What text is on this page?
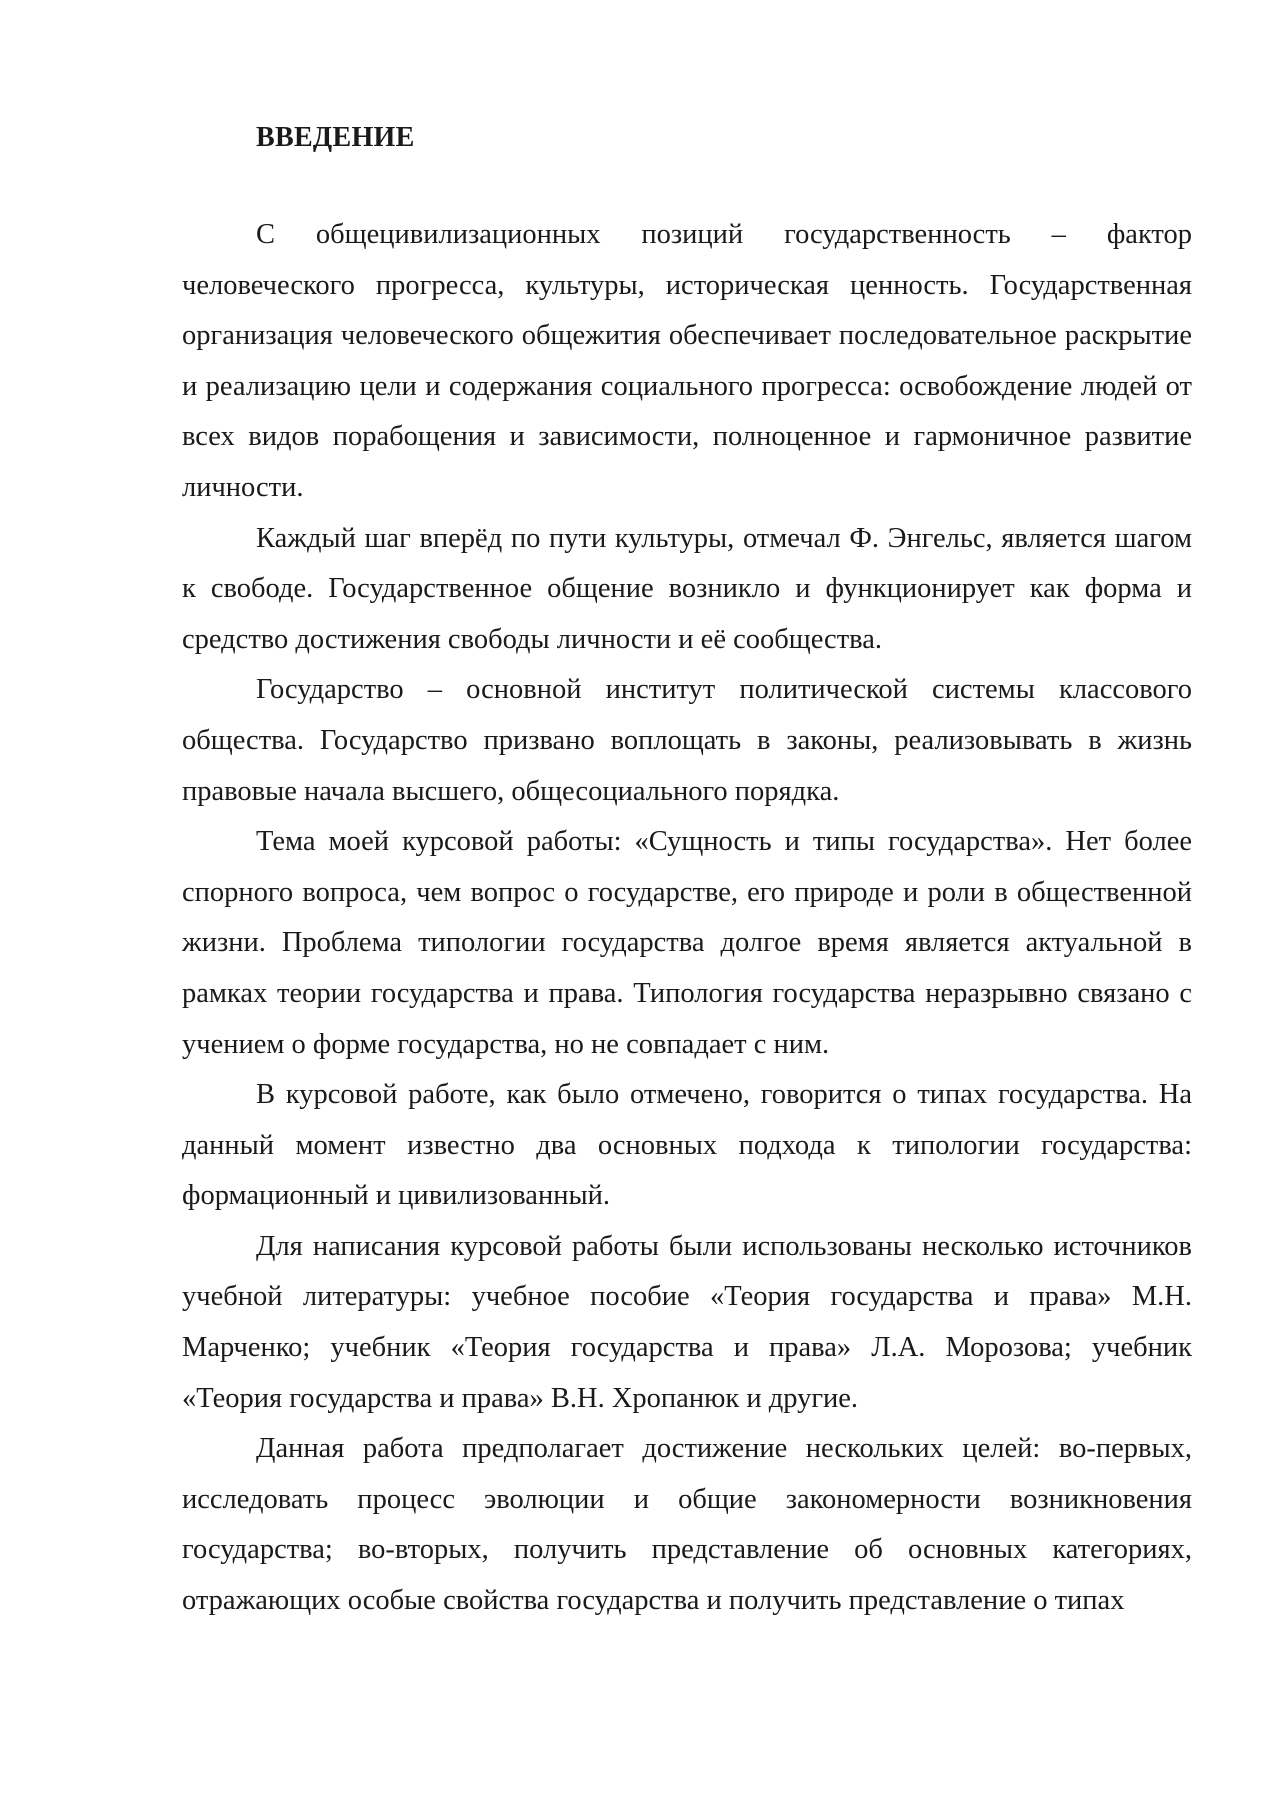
ВВЕДЕНИЕ

С общецивилизационных позиций государственность – фактор человеческого прогресса, культуры, историческая ценность. Государственная организация человеческого общежития обеспечивает последовательное раскрытие и реализацию цели и содержания социального прогресса: освобождение людей от всех видов порабощения и зависимости, полноценное и гармоничное развитие личности.

Каждый шаг вперёд по пути культуры, отмечал Ф. Энгельс, является шагом к свободе. Государственное общение возникло и функционирует как форма и средство достижения свободы личности и её сообщества.

Государство – основной институт политической системы классового общества. Государство призвано воплощать в законы, реализовывать в жизнь правовые начала высшего, общесоциального порядка.

Тема моей курсовой работы: «Сущность и типы государства». Нет более спорного вопроса, чем вопрос о государстве, его природе и роли в общественной жизни. Проблема типологии государства долгое время является актуальной в рамках теории государства и права. Типология государства неразрывно связано с учением о форме государства, но не совпадает с ним.

В курсовой работе, как было отмечено, говорится о типах государства. На данный момент известно два основных подхода к типологии государства: формационный и цивилизованный.

Для написания курсовой работы были использованы несколько источников учебной литературы: учебное пособие «Теория государства и права» М.Н. Марченко; учебник «Теория государства и права» Л.А. Морозова; учебник «Теория государства и права» В.Н. Хропанюк и другие.

Данная работа предполагает достижение нескольких целей: во-первых, исследовать процесс эволюции и общие закономерности возникновения государства; во-вторых, получить представление об основных категориях, отражающих особые свойства государства и получить представление о типах
